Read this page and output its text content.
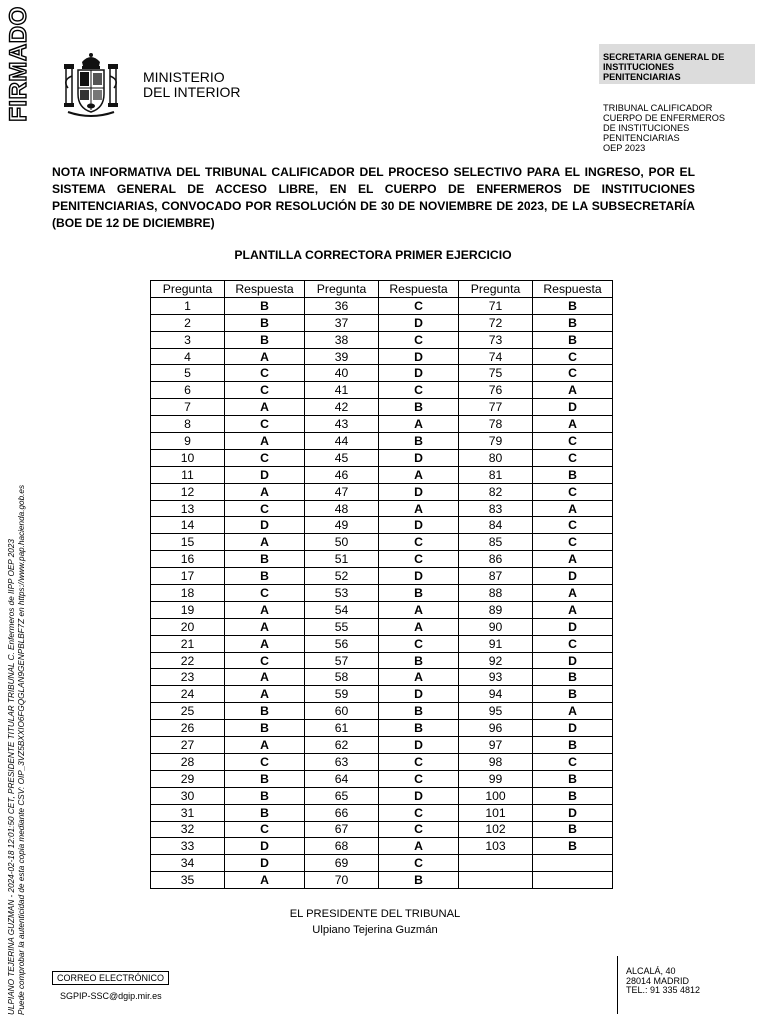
FIRMADO
ULPIANO TEJERINA GUZMAN - 2024-02-18 12:01:50 CET, PRESIDENTE TITULAR TRIBUNAL C. Enfermeros de IIPP OEP 2023 Puede comprobar la autenticidad de esta copia mediante CSV: OIP_3VZ5BXXIO6FGQGLAN9GENPBLBF7Z en https://www.pap.hacienda.gob.es
MINISTERIO
DEL INTERIOR
SECRETARIA GENERAL DE
INSTITUCIONES PENITENCIARIAS
TRIBUNAL CALIFICADOR
CUERPO DE ENFERMEROS
DE INSTITUCIONES
PENITENCIARIAS
OEP 2023
NOTA INFORMATIVA DEL TRIBUNAL CALIFICADOR DEL PROCESO SELECTIVO PARA EL INGRESO, POR EL SISTEMA GENERAL DE ACCESO LIBRE, EN EL CUERPO DE ENFERMEROS DE INSTITUCIONES PENITENCIARIAS, CONVOCADO POR RESOLUCIÓN DE 30 DE NOVIEMBRE DE 2023, DE LA SUBSECRETARÍA (BOE DE 12 DE DICIEMBRE)
PLANTILLA CORRECTORA PRIMER EJERCICIO
Pregunta	Respuesta	Pregunta	Respuesta	Pregunta	Respuesta
1	B	36	C	71	B
2	B	37	D	72	B
3	B	38	C	73	B
4	A	39	D	74	C
5	C	40	D	75	C
6	C	41	C	76	A
7	A	42	B	77	D
8	C	43	A	78	A
9	A	44	B	79	C
10	C	45	D	80	C
11	D	46	A	81	B
12	A	47	D	82	C
13	C	48	A	83	A
14	D	49	D	84	C
15	A	50	C	85	C
16	B	51	C	86	A
17	B	52	D	87	D
18	C	53	B	88	A
19	A	54	A	89	A
20	A	55	A	90	D
21	A	56	C	91	C
22	C	57	B	92	D
23	A	58	A	93	B
24	A	59	D	94	B
25	B	60	B	95	A
26	B	61	B	96	D
27	A	62	D	97	B
28	C	63	C	98	C
29	B	64	C	99	B
30	B	65	D	100	B
31	B	66	C	101	D
32	C	67	C	102	B
33	D	68	A	103	B
34	D	69	C		
35	A	70	B		
EL PRESIDENTE DEL TRIBUNAL
Ulpiano Tejerina Guzmán
CORREO ELECTRÓNICO
SGPIP-SSC@dgip.mir.es
ALCALÁ, 40
28014 MADRID
TEL.: 91 335 4812
